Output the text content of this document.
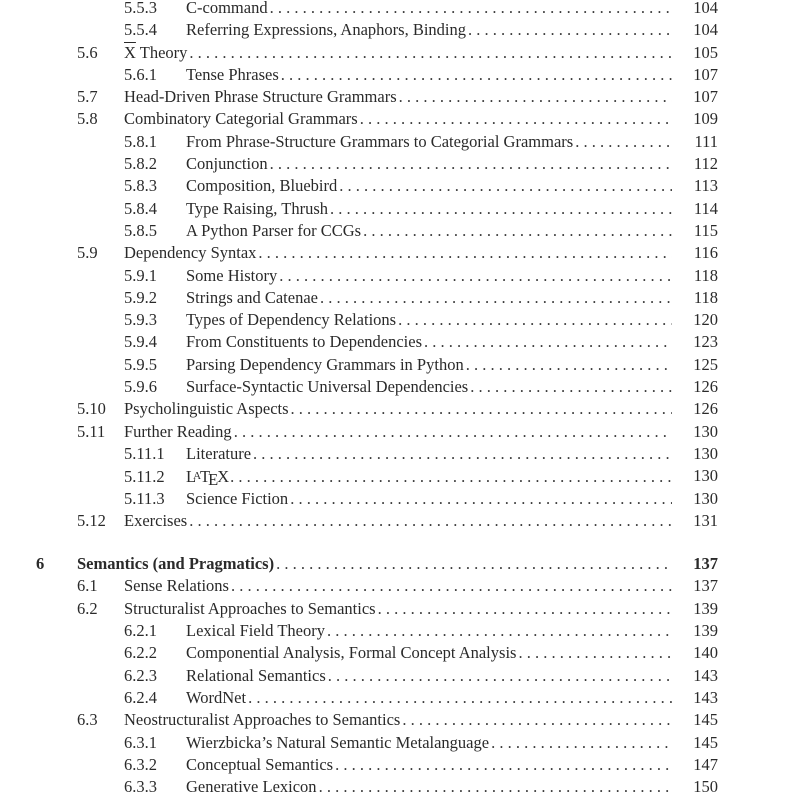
5.5.3	C-command . . .	104
5.5.4	Referring Expressions, Anaphors, Binding . . .	104
5.6	$\overline{X}$ Theory . . .	105
5.6.1	Tense Phrases . . .	107
5.7	Head-Driven Phrase Structure Grammars . . .	107
5.8	Combinatory Categorial Grammars . . .	109
5.8.1	From Phrase-Structure Grammars to Categorial Grammars . . .	111
5.8.2	Conjunction . . .	112
5.8.3	Composition, Bluebird . . .	113
5.8.4	Type Raising, Thrush . . .	114
5.8.5	A Python Parser for CCGs . . .	115
5.9	Dependency Syntax . . .	116
5.9.1	Some History . . .	118
5.9.2	Strings and Catenae . . .	118
5.9.3	Types of Dependency Relations . . .	120
5.9.4	From Constituents to Dependencies . . .	123
5.9.5	Parsing Dependency Grammars in Python . . .	125
5.9.6	Surface-Syntactic Universal Dependencies . . .	126
5.10	Psycholinguistic Aspects . . .	126
5.11	Further Reading . . .	130
5.11.1	Literature . . .	130
5.11.2	LATEX . . .	130
5.11.3	Science Fiction . . .	130
5.12	Exercises . . .	131
6	Semantics (and Pragmatics) . . .	137
6.1	Sense Relations . . .	137
6.2	Structuralist Approaches to Semantics . . .	139
6.2.1	Lexical Field Theory . . .	139
6.2.2	Componential Analysis, Formal Concept Analysis . . .	140
6.2.3	Relational Semantics . . .	143
6.2.4	WordNet . . .	143
6.3	Neostructuralist Approaches to Semantics . . .	145
6.3.1	Wierzbicka’s Natural Semantic Metalanguage . . .	145
6.3.2	Conceptual Semantics . . .	147
6.3.3	Generative Lexicon . . .	150
